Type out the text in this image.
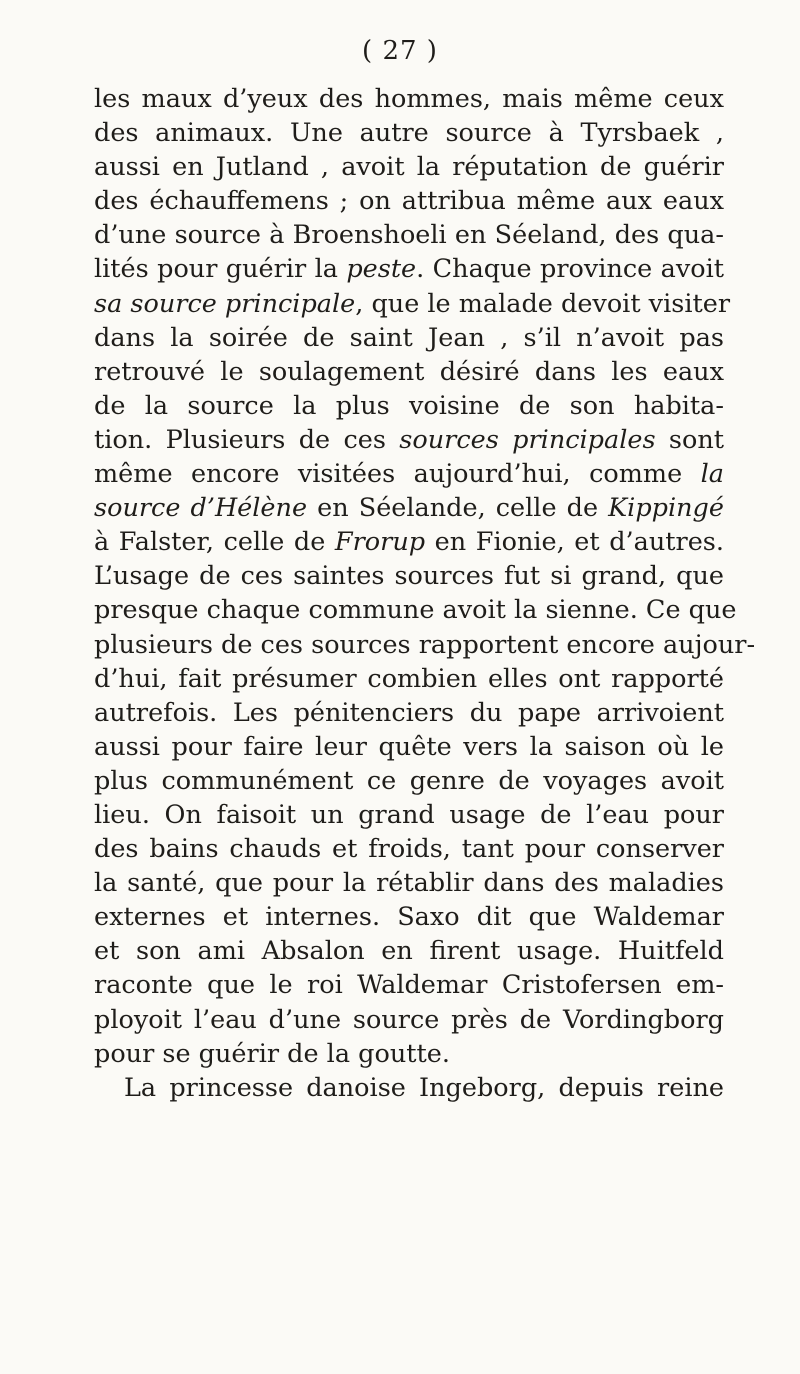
( 27 )
les maux d’yeux des hommes, mais même ceux
des animaux. Une autre source à Tyrsbaek ,
aussi en Jutland , avoit la réputation de guérir
des échauffemens ; on attribua même aux eaux
d’une source à Broenshoeli en Séeland, des qua-
lités pour guérir la peste. Chaque province avoit
sa source principale, que le malade devoit visiter
dans la soirée de saint Jean , s’il n’avoit pas
retrouvé le soulagement désiré dans les eaux
de la source la plus voisine de son habita-
tion. Plusieurs de ces sources principales sont
même encore visitées aujourd’hui, comme la
source d’Hélène en Séelande, celle de Kippingé
à Falster, celle de Frorup en Fionie, et d’autres.
L’usage de ces saintes sources fut si grand, que
presque chaque commune avoit la sienne. Ce que
plusieurs de ces sources rapportent encore aujour-
d’hui, fait présumer combien elles ont rapporté
autrefois. Les pénitenciers du pape arrivoient
aussi pour faire leur quête vers la saison où le
plus communément ce genre de voyages avoit
lieu. On faisoit un grand usage de l’eau pour
des bains chauds et froids, tant pour conserver
la santé, que pour la rétablir dans des maladies
externes et internes. Saxo dit que Waldemar
et son ami Absalon en firent usage. Huitfeld
raconte que le roi Waldemar Cristofersen em-
ployoit l’eau d’une source près de Vordingborg
pour se guérir de la goutte.
La princesse danoise Ingeborg, depuis reine
